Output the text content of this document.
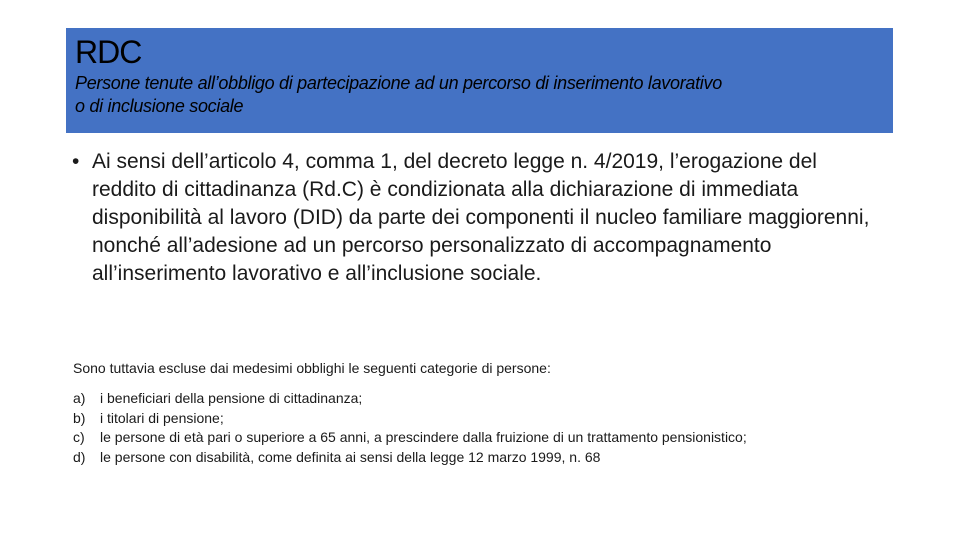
RDC

Persone tenute all’obbligo di partecipazione ad un percorso di inserimento lavorativo
o di inclusione sociale

• Ai sensi dell’articolo 4, comma 1, del decreto legge n. 4/2019, l’erogazione del reddito di cittadinanza (Rd.C) è condizionata alla dichiarazione di immediata disponibilità al lavoro (DID) da parte dei componenti il nucleo familiare maggiorenni, nonché all’adesione ad un percorso personalizzato di accompagnamento all’inserimento lavorativo e all’inclusione sociale.

Sono tuttavia escluse dai medesimi obblighi le seguenti categorie di persone:

a)	i beneficiari della pensione di cittadinanza;
b)	i titolari di pensione;
c)	le persone di età pari o superiore a 65 anni, a prescindere dalla fruizione di un trattamento pensionistico;
d)	le persone con disabilità, come definita ai sensi della legge 12 marzo 1999, n. 68
